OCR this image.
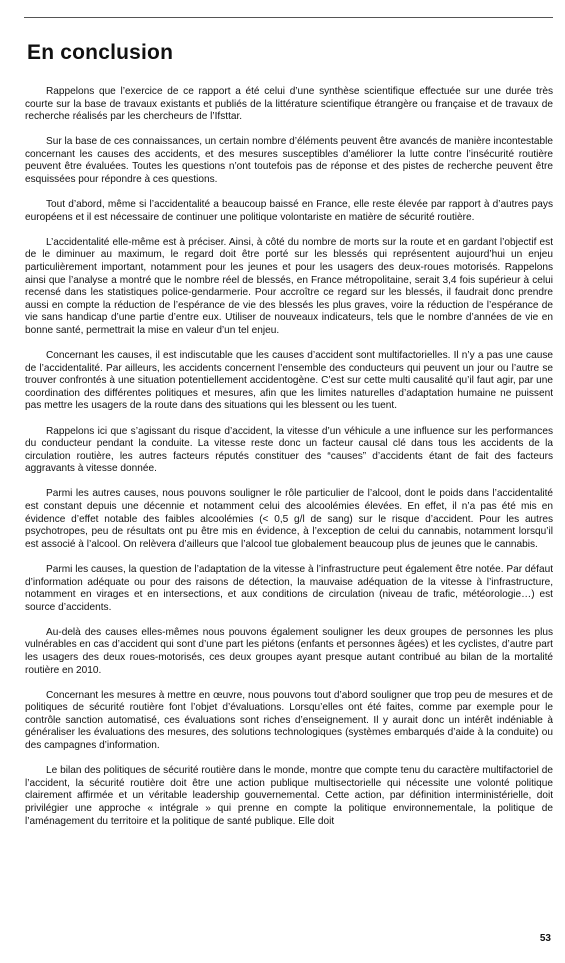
En conclusion

Rappelons que l’exercice de ce rapport a été celui d’une synthèse scientifique effectuée sur une durée très courte sur la base de travaux existants et publiés de la littérature scientifique étrangère ou française et de travaux de recherche réalisés par les chercheurs de l’Ifsttar.

Sur la base de ces connaissances, un certain nombre d’éléments peuvent être avancés de manière incontestable concernant les causes des accidents, et des mesures susceptibles d’améliorer la lutte contre l’insécurité routière peuvent être évaluées. Toutes les questions n’ont toutefois pas de réponse et des pistes de recherche peuvent être esquissées pour répondre à ces questions.

Tout d’abord, même si l’accidentalité a beaucoup baissé en France, elle reste élevée par rapport à d’autres pays européens et il est nécessaire de continuer une politique volontariste en matière de sécurité routière.

L’accidentalité elle-même est à préciser. Ainsi, à côté du nombre de morts sur la route et en gardant l’objectif est de le diminuer au maximum, le regard doit être porté sur les blessés qui représentent aujourd’hui un enjeu particulièrement important, notamment pour les jeunes et pour les usagers des deux-roues motorisés. Rappelons ainsi que l’analyse a montré que le nombre réel de blessés, en France métropolitaine, serait 3,4 fois supérieur à celui recensé dans les statistiques police-gendarmerie. Pour accroître ce regard sur les blessés, il faudrait donc prendre aussi en compte la réduction de l’espérance de vie des blessés les plus graves, voire la réduction de l’espérance de vie sans handicap d’une partie d’entre eux. Utiliser de nouveaux indicateurs, tels que le nombre d’années de vie en bonne santé, permettrait la mise en valeur d’un tel enjeu.

Concernant les causes, il est indiscutable que les causes d’accident sont multifactorielles. Il n’y a pas une cause de l’accidentalité. Par ailleurs, les accidents concernent l’ensemble des conducteurs qui peuvent un jour ou l’autre se trouver confrontés à une situation potentiellement accidentogène. C’est sur cette multi causalité qu’il faut agir, par une coordination des différentes politiques et mesures, afin que les limites naturelles d’adaptation humaine ne puissent pas mettre les usagers de la route dans des situations qui les blessent ou les tuent.

Rappelons ici que s’agissant du risque d’accident, la vitesse d’un véhicule a une influence sur les performances du conducteur pendant la conduite. La vitesse reste donc un facteur causal clé dans tous les accidents de la circulation routière, les autres facteurs réputés constituer des “causes” d’accidents étant de fait des facteurs aggravants à vitesse donnée.

Parmi les autres causes, nous pouvons souligner le rôle particulier de l’alcool, dont le poids dans l’accidentalité est constant depuis une décennie et notamment celui des alcoolémies élevées. En effet, il n’a pas été mis en évidence d’effet notable des faibles alcoolémies (< 0,5 g/l de sang) sur le risque d’accident. Pour les autres psychotropes, peu de résultats ont pu être mis en évidence, à l’exception de celui du cannabis, notamment lorsqu’il est associé à l’alcool. On relèvera d’ailleurs que l’alcool tue globalement beaucoup plus de jeunes que le cannabis.

Parmi les causes, la question de l’adaptation de la vitesse à l’infrastructure peut également être notée. Par défaut d’information adéquate ou pour des raisons de détection, la mauvaise adéquation de la vitesse à l’infrastructure, notamment en virages et en intersections, et aux conditions de circulation (niveau de trafic, météorologie…) est source d’accidents.

Au-delà des causes elles-mêmes nous pouvons également souligner les deux groupes de personnes les plus vulnérables en cas d’accident qui sont d’une part les piétons (enfants et personnes âgées) et les cyclistes, d’autre part les usagers des deux roues-motorisés, ces deux groupes ayant presque autant contribué au bilan de la mortalité routière en 2010.

Concernant les mesures à mettre en œuvre, nous pouvons tout d’abord souligner que trop peu de mesures et de politiques de sécurité routière font l’objet d’évaluations. Lorsqu’elles ont été faites, comme par exemple pour le contrôle sanction automatisé, ces évaluations sont riches d’enseignement. Il y aurait donc un intérêt indéniable à généraliser les évaluations des mesures, des solutions technologiques (systèmes embarqués d’aide à la conduite) ou des campagnes d’information.

Le bilan des politiques de sécurité routière dans le monde, montre que compte tenu du caractère multifactoriel de l’accident, la sécurité routière doit être une action publique multisectorielle qui nécessite une volonté politique clairement affirmée et un véritable leadership gouvernemental. Cette action, par définition interministérielle, doit privilégier une approche « intégrale » qui prenne en compte la politique environnementale, la politique de l’aménagement du territoire et la politique de santé publique. Elle doit

53
